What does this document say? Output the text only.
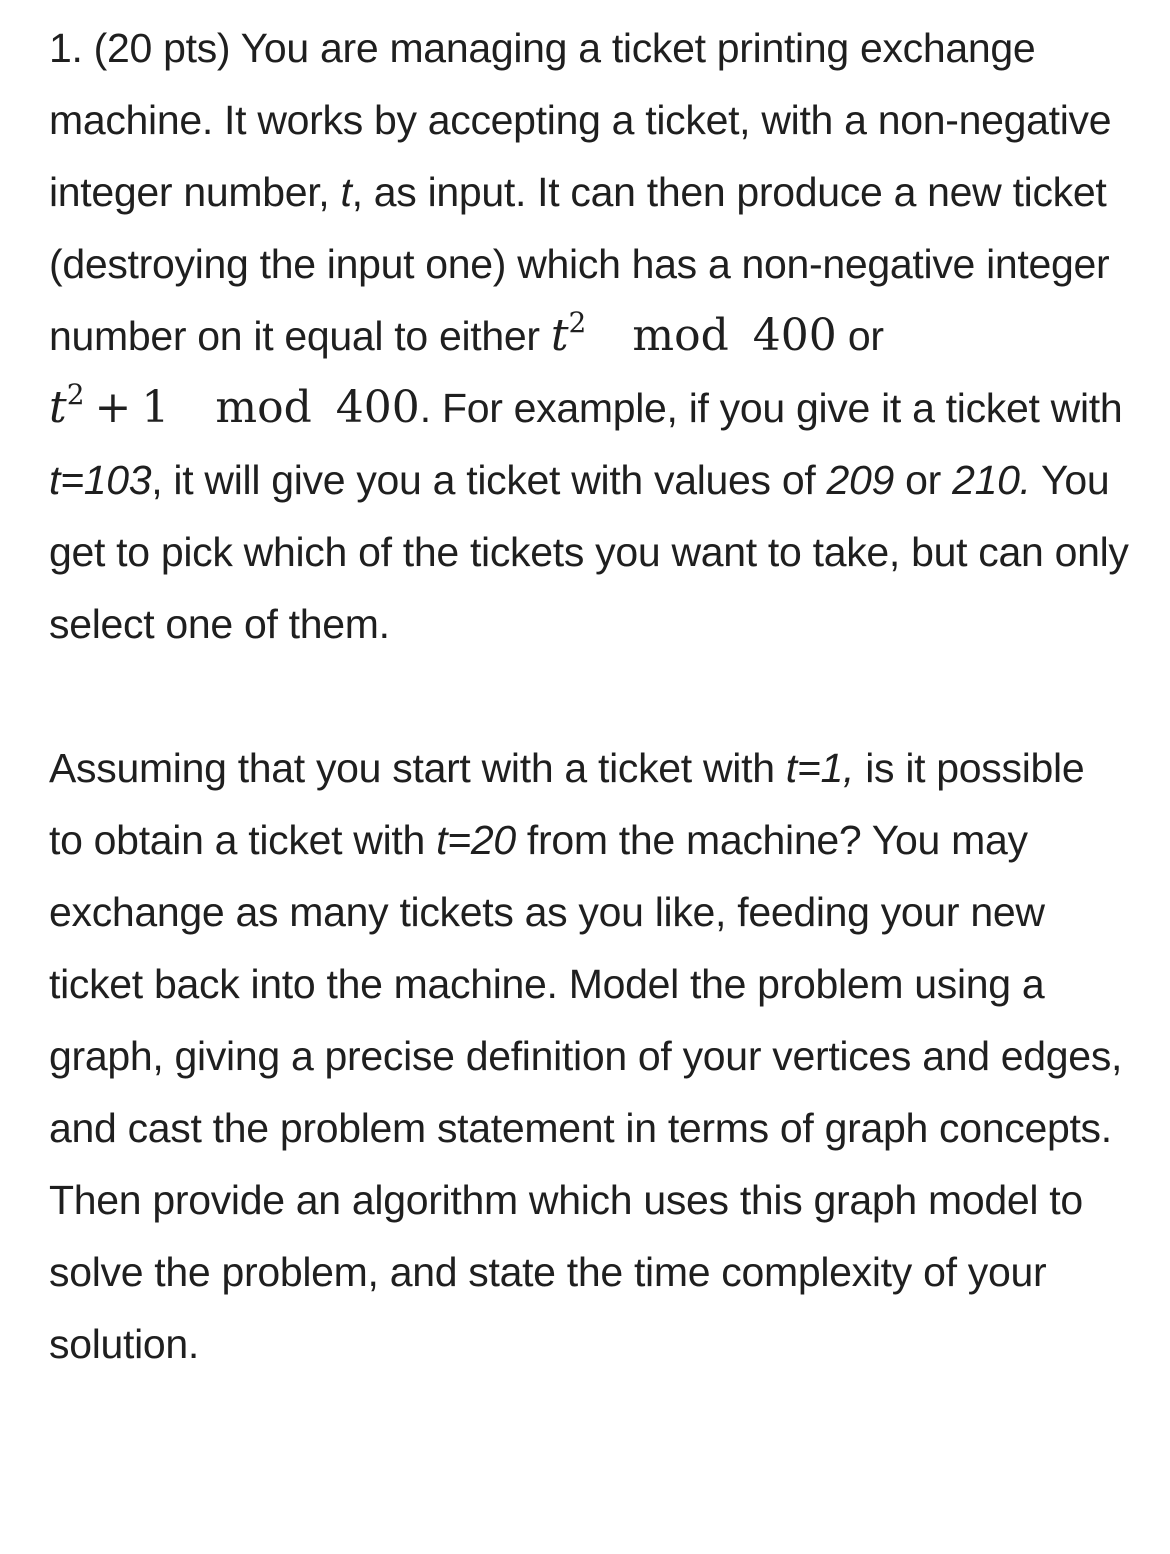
1. (20 pts) You are managing a ticket printing exchange machine. It works by accepting a ticket, with a non-negative integer number, t, as input. It can then produce a new ticket (destroying the input one) which has a non-negative integer number on it equal to either $t^2$ mod 400 or $t^2 + 1$ mod 400. For example, if you give it a ticket with t=103, it will give you a ticket with values of 209 or 210. You get to pick which of the tickets you want to take, but can only select one of them.

Assuming that you start with a ticket with t=1, is it possible to obtain a ticket with t=20 from the machine? You may exchange as many tickets as you like, feeding your new ticket back into the machine. Model the problem using a graph, giving a precise definition of your vertices and edges, and cast the problem statement in terms of graph concepts. Then provide an algorithm which uses this graph model to solve the problem, and state the time complexity of your solution.
